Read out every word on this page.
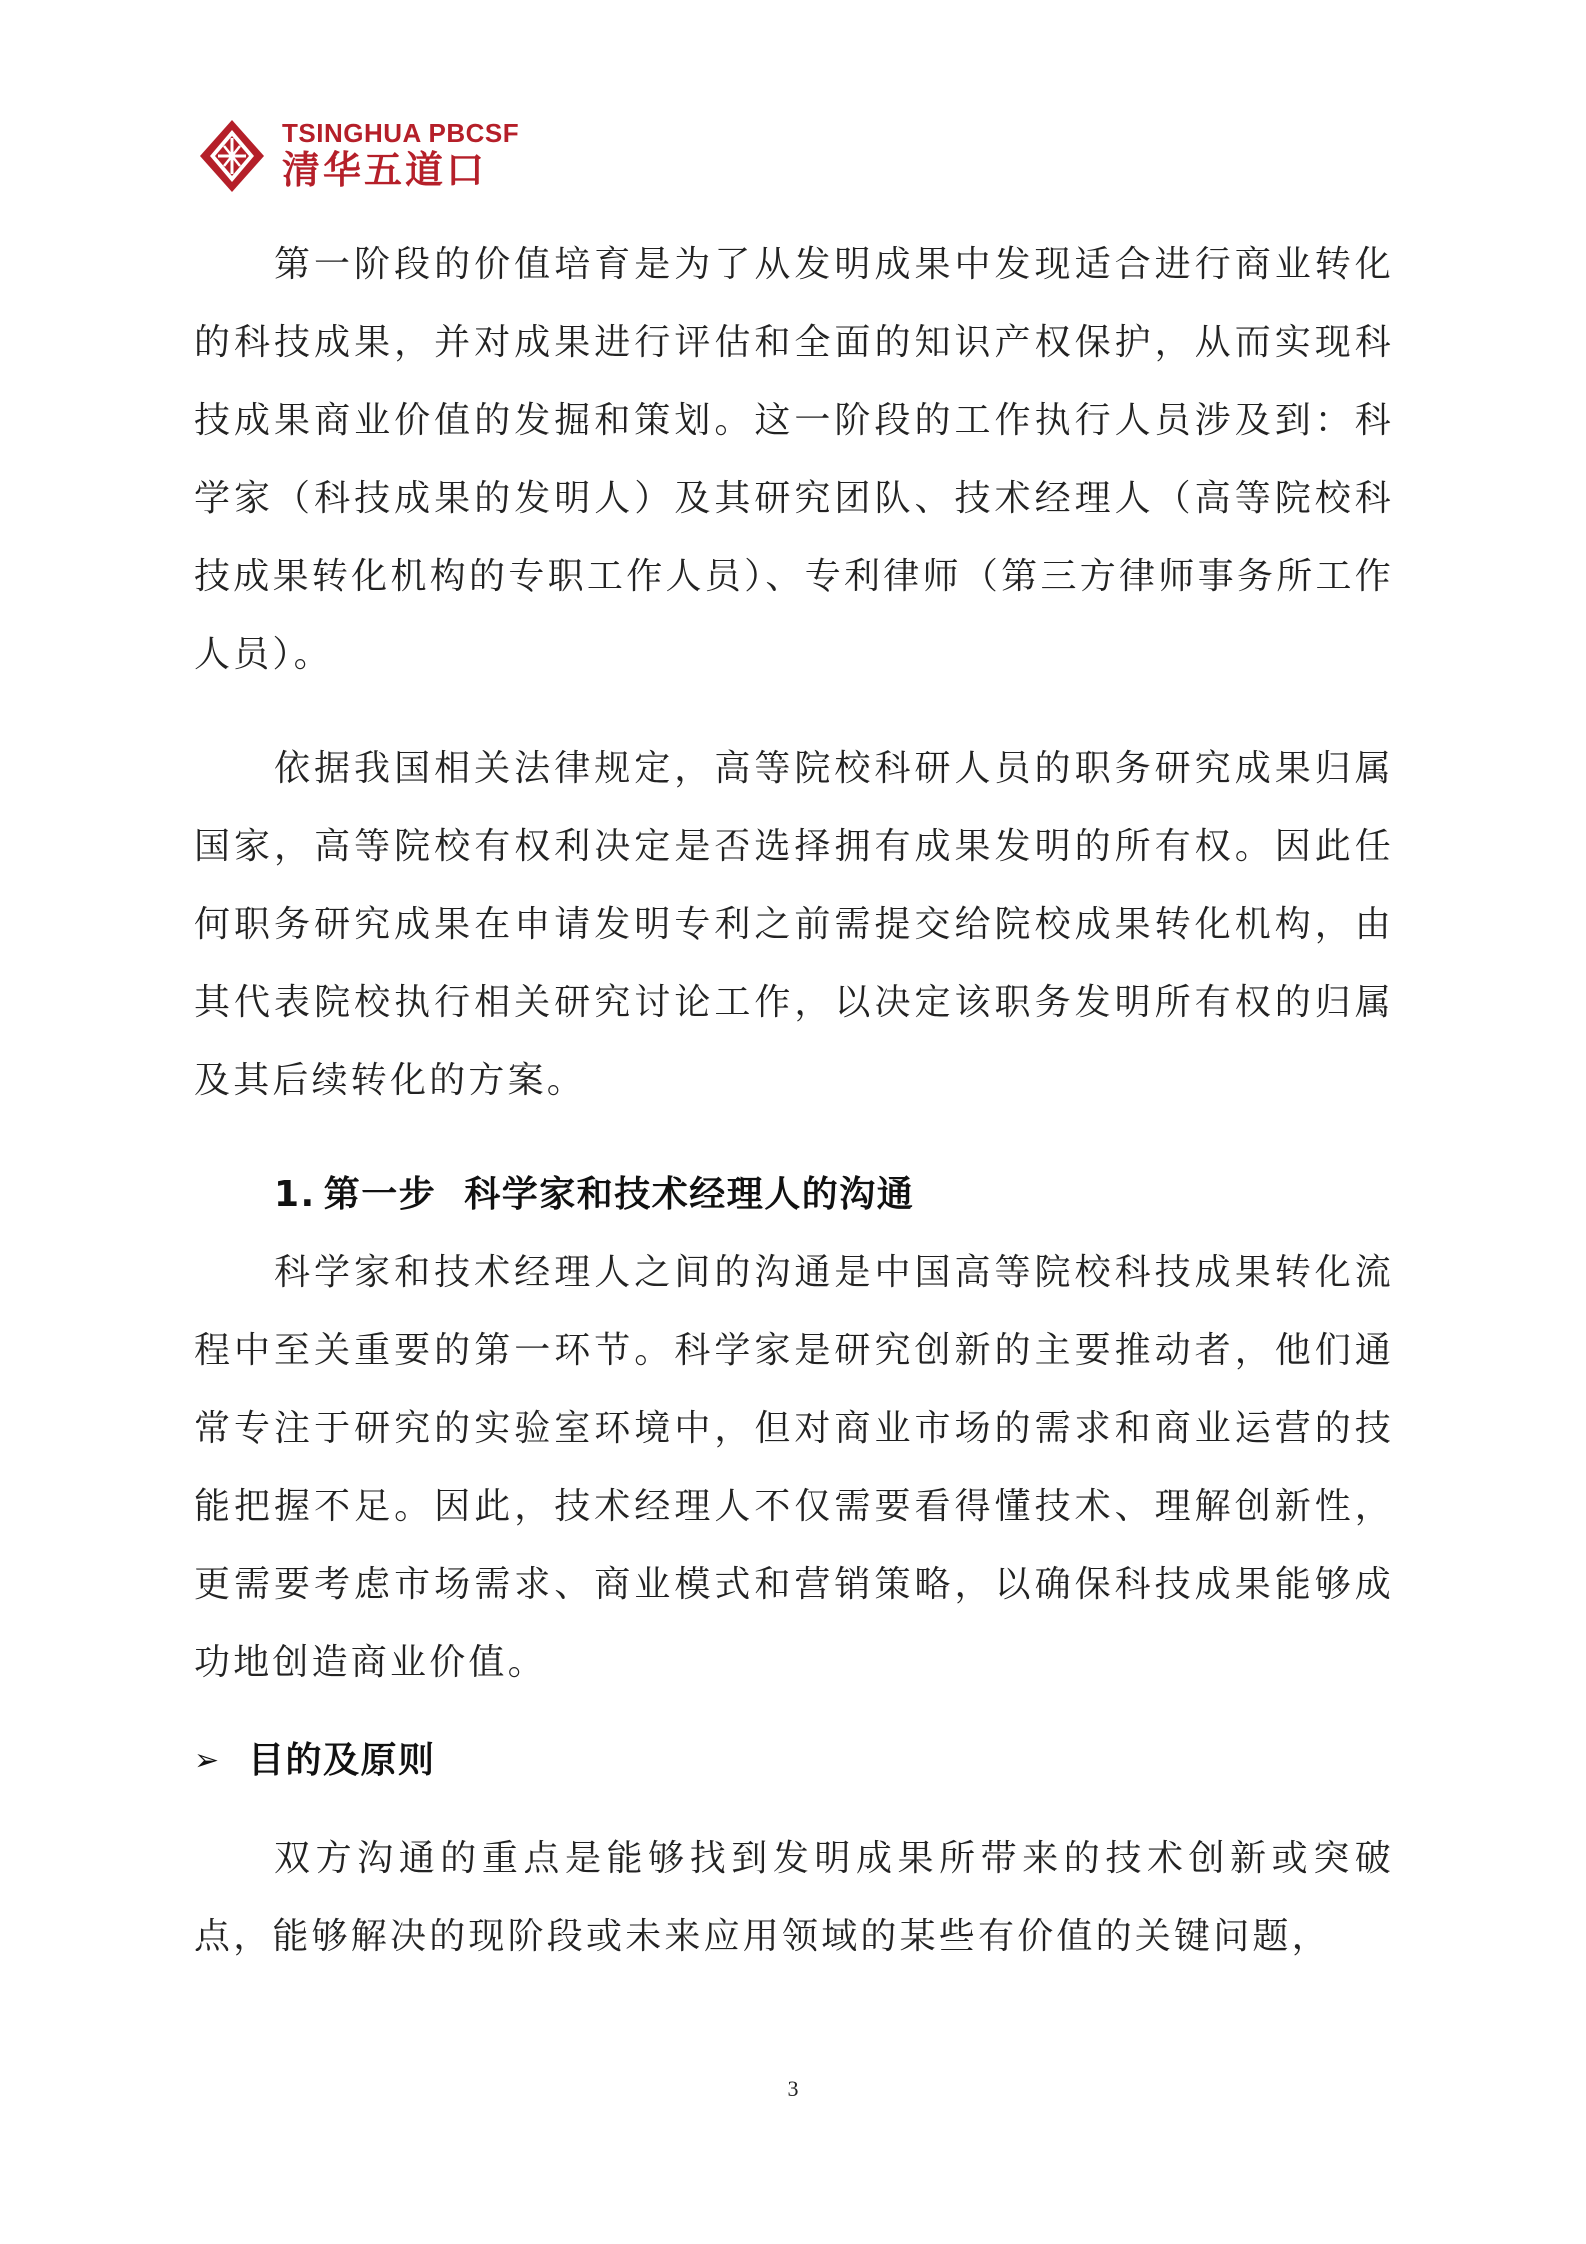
TSINGHUA PBCSF
清华五道口

第一阶段的价值培育是为了从发明成果中发现适合进行商业转化的科技成果，并对成果进行评估和全面的知识产权保护，从而实现科技成果商业价值的发掘和策划。这一阶段的工作执行人员涉及到：科学家（科技成果的发明人）及其研究团队、技术经理人（高等院校科技成果转化机构的专职工作人员）、专利律师（第三方律师事务所工作人员）。

依据我国相关法律规定，高等院校科研人员的职务研究成果归属国家，高等院校有权利决定是否选择拥有成果发明的所有权。因此任何职务研究成果在申请发明专利之前需提交给院校成果转化机构，由其代表院校执行相关研究讨论工作，以决定该职务发明所有权的归属及其后续转化的方案。

1. 第一步 科学家和技术经理人的沟通

科学家和技术经理人之间的沟通是中国高等院校科技成果转化流程中至关重要的第一环节。科学家是研究创新的主要推动者，他们通常专注于研究的实验室环境中，但对商业市场的需求和商业运营的技能把握不足。因此，技术经理人不仅需要看得懂技术、理解创新性，更需要考虑市场需求、商业模式和营销策略，以确保科技成果能够成功地创造商业价值。

➢ 目的及原则

双方沟通的重点是能够找到发明成果所带来的技术创新或突破点，能够解决的现阶段或未来应用领域的某些有价值的关键问题，

3
